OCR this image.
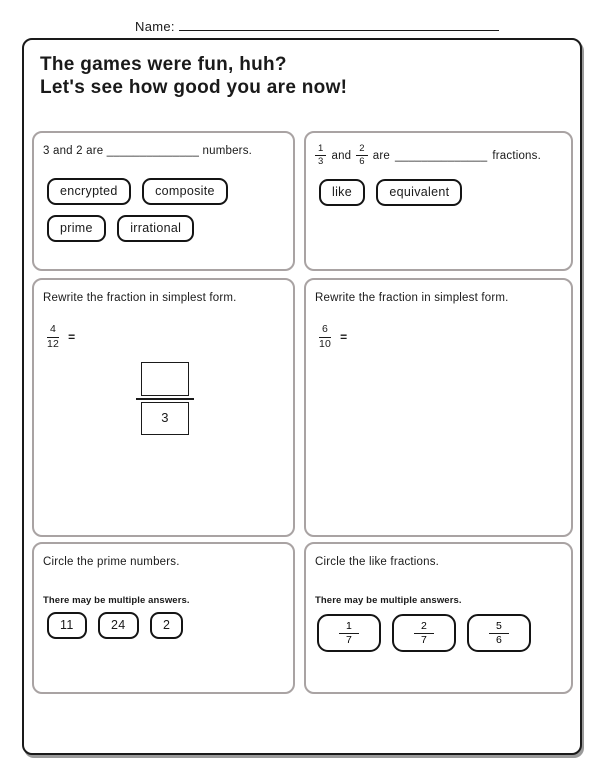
Name:
The games were fun, huh?
Let's see how good you are now!
3 and 2 are ______________ numbers.
encrypted	composite prime	irrational
$\frac{1}{3}$ and $\frac{2}{6}$ are ______________ fractions.
like	equivalent
Rewrite the fraction in simplest form.
$\frac{4}{12}$ =
3
Rewrite the fraction in simplest form.
$\frac{6}{10}$ =
Circle the prime numbers.
There may be multiple answers.
11	24	2
Circle the like fractions.
There may be multiple answers.
$\frac{1}{7} \frac{2}{7} \frac{5}{6}$
